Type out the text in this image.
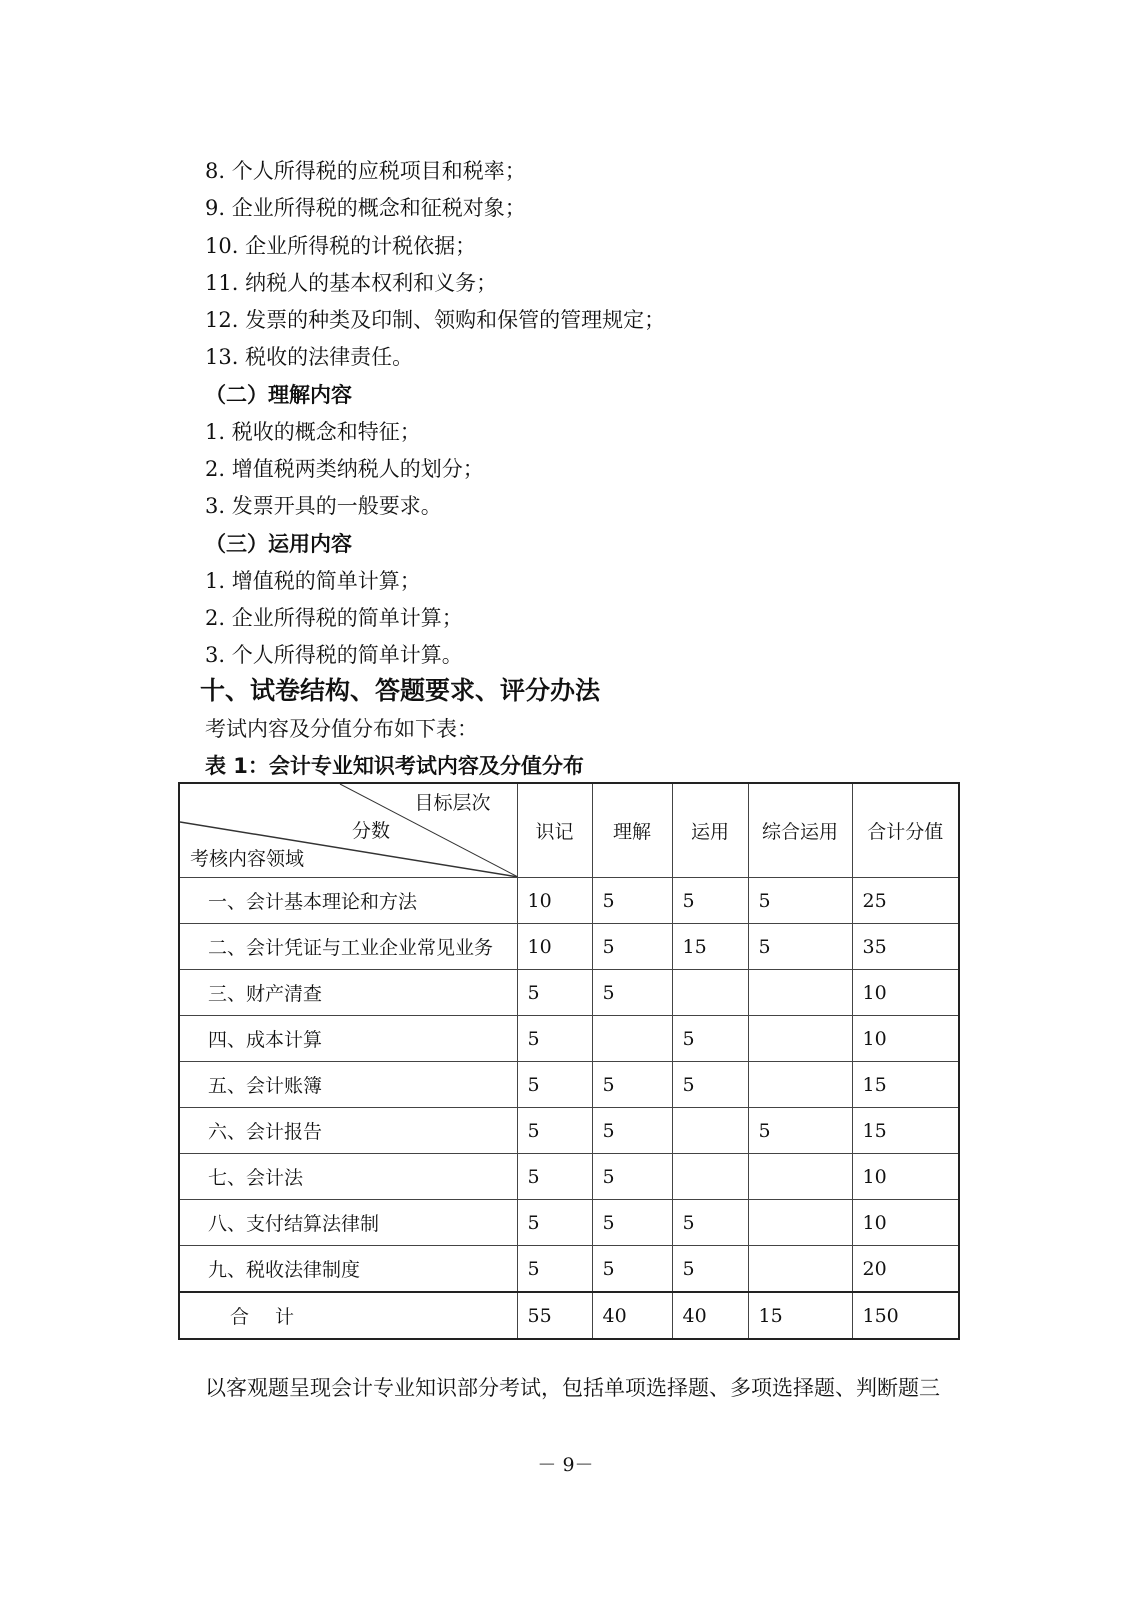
8. 个人所得税的应税项目和税率；
9. 企业所得税的概念和征税对象；
10. 企业所得税的计税依据；
11. 纳税人的基本权利和义务；
12. 发票的种类及印制、领购和保管的管理规定；
13. 税收的法律责任。
（二）理解内容
1. 税收的概念和特征；
2. 增值税两类纳税人的划分；
3. 发票开具的一般要求。
（三）运用内容
1. 增值税的简单计算；
2. 企业所得税的简单计算；
3. 个人所得税的简单计算。
十、试卷结构、答题要求、评分办法
考试内容及分值分布如下表：
表 1：会计专业知识考试内容及分值分布
目标层次
分数
考核内容领域	识记	理解	运用	综合运用	合计分值
一、会计基本理论和方法	10	5	5	5	25
二、会计凭证与工业企业常见业务	10	5	15	5	35
三、财产清查	5	5			10
四、成本计算	5		5		10
五、会计账簿	5	5	5		15
六、会计报告	5	5		5	15
七、会计法	5	5			10
八、支付结算法律制	5	5	5		10
九、税收法律制度	5	5	5		20
合计	55	40	40	15	150
以客观题呈现会计专业知识部分考试，包括单项选择题、多项选择题、判断题三
－ 9－
